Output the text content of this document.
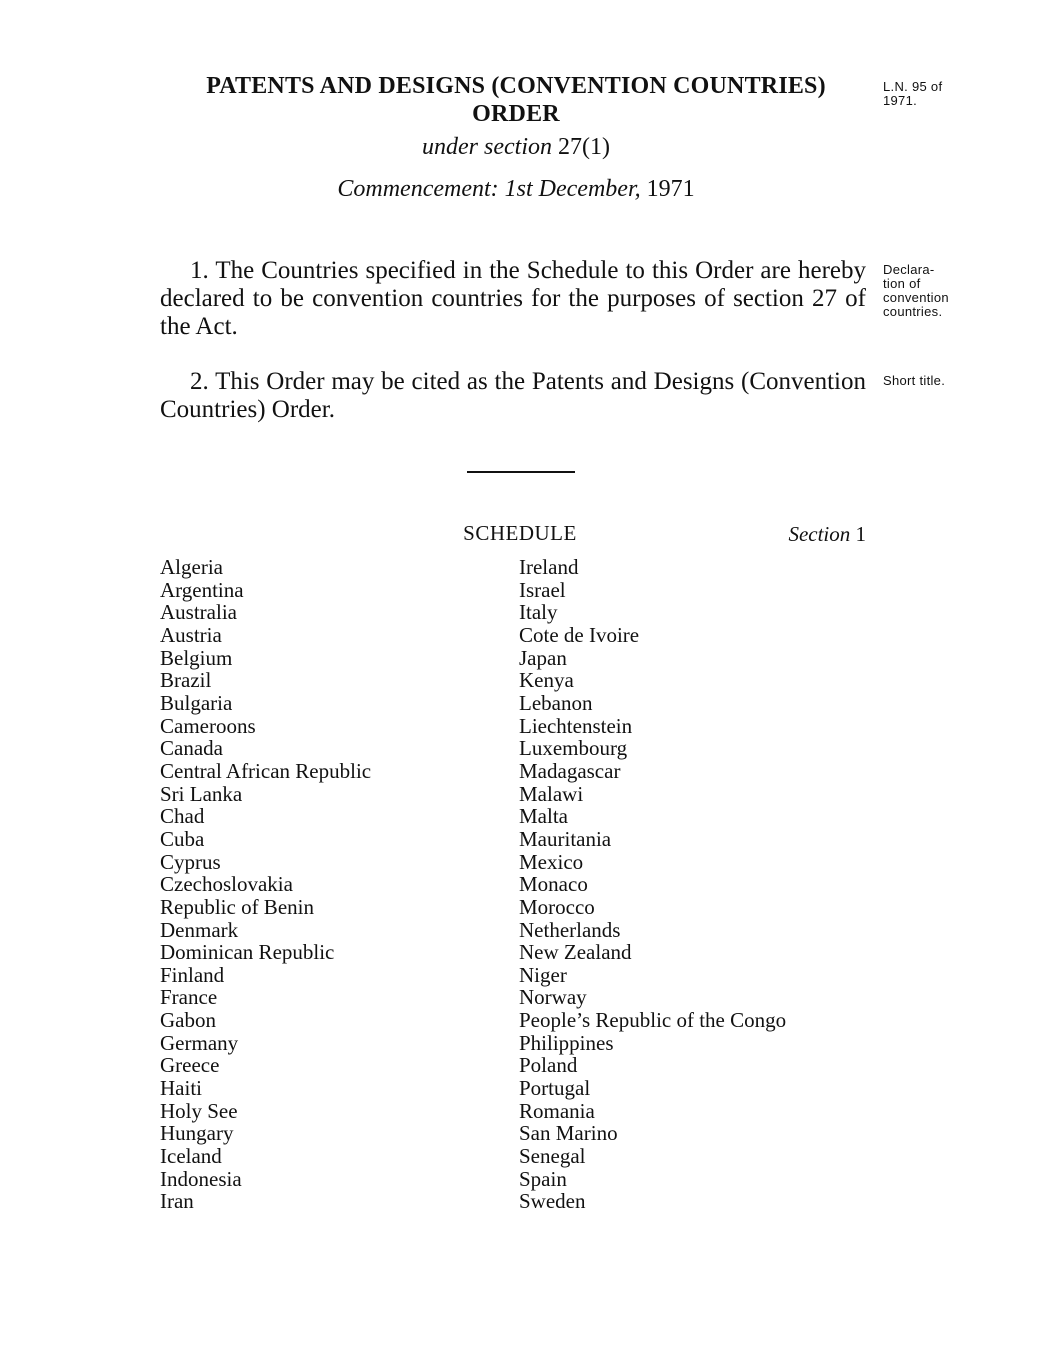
PATENTS AND DESIGNS (CONVENTION COUNTRIES)
ORDER
L.N. 95 of
1971.
under section 27(1)
Commencement: 1st December, 1971

1. The Countries specified in the Schedule to this Order are hereby declared to be convention countries for the purposes of section 27 of the Act.

Declara-
tion of
convention
countries.

2. This Order may be cited as the Patents and Designs (Convention Countries) Order.

Short title.
SCHEDULE	Section 1
Algeria
Argentina
Australia
Austria
Belgium
Brazil
Bulgaria
Cameroons
Canada
Central African Republic
Sri Lanka
Chad
Cuba
Cyprus
Czechoslovakia
Republic of Benin
Denmark
Dominican Republic
Finland
France
Gabon
Germany
Greece
Haiti
Holy See
Hungary
Iceland
Indonesia
Iran
Ireland
Israel
Italy
Cote de Ivoire
Japan
Kenya
Lebanon
Liechtenstein
Luxembourg
Madagascar
Malawi
Malta
Mauritania
Mexico
Monaco
Morocco
Netherlands
New Zealand
Niger
Norway
People’s Republic of the Congo
Philippines
Poland
Portugal
Romania
San Marino
Senegal
Spain
Sweden
